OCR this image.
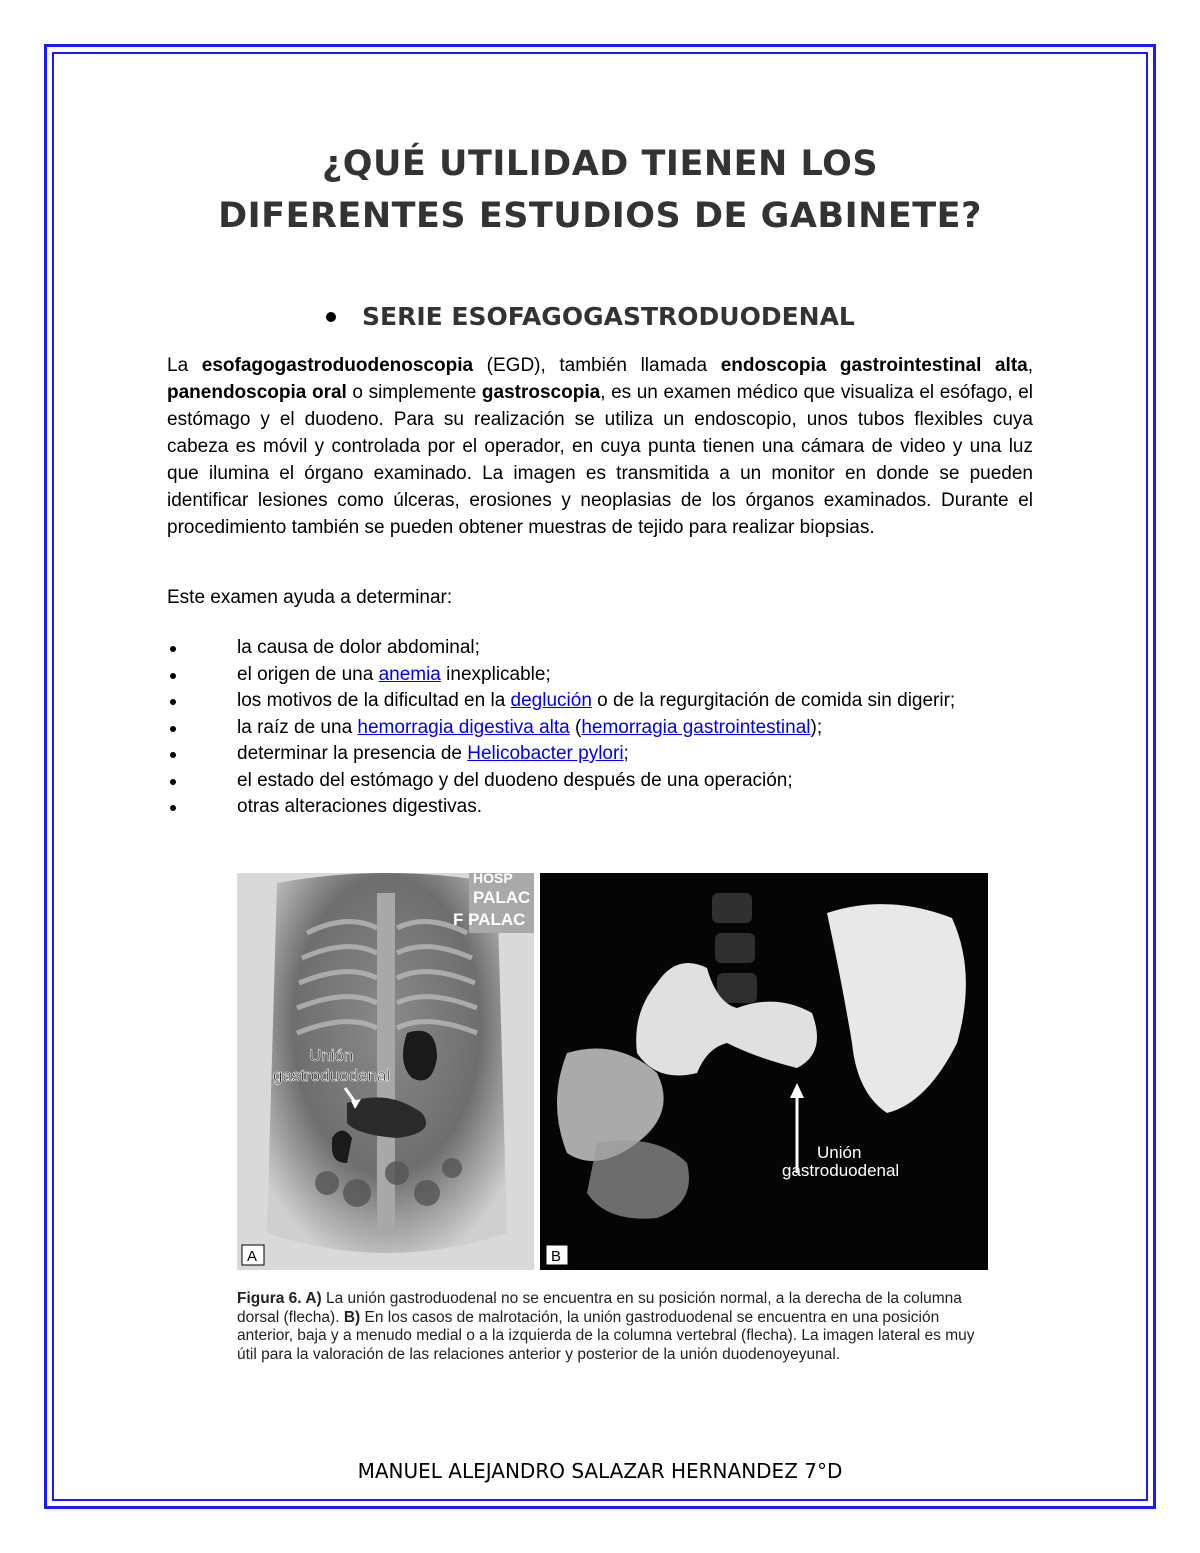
¿QUÉ UTILIDAD TIENEN LOS
DIFERENTES ESTUDIOS DE GABINETE?
SERIE ESOFAGOGASTRODUODENAL

La esofagogastroduodenoscopia (EGD), también llamada endoscopia gastrointestinal alta, panendoscopia oral o simplemente gastroscopia, es un examen médico que visualiza el esófago, el estómago y el duodeno. Para su realización se utiliza un endoscopio, unos tubos flexibles cuya cabeza es móvil y controlada por el operador, en cuya punta tienen una cámara de video y una luz que ilumina el órgano examinado. La imagen es transmitida a un monitor en donde se pueden identificar lesiones como úlceras, erosiones y neoplasias de los órganos examinados. Durante el procedimiento también se pueden obtener muestras de tejido para realizar biopsias.

Este examen ayuda a determinar:

la causa de dolor abdominal;
el origen de una anemia inexplicable;
los motivos de la dificultad en la deglución o de la regurgitación de comida sin digerir;
la raíz de una hemorragia digestiva alta (hemorragia gastrointestinal);
determinar la presencia de Helicobacter pylori;
el estado del estómago y del duodeno después de una operación;
otras alteraciones digestivas.
HOSP
PALAC
F PALAC
Unión
gastroduodenal
A
Unión
gastroduodenal
B

Figura 6. A) La unión gastroduodenal no se encuentra en su posición normal, a la derecha de la columna dorsal (flecha). B) En los casos de malrotación, la unión gastroduodenal se encuentra en una posición anterior, baja y a menudo medial o a la izquierda de la columna vertebral (flecha). La imagen lateral es muy útil para la valoración de las relaciones anterior y posterior de la unión duodenoyeyunal.

MANUEL ALEJANDRO SALAZAR HERNANDEZ 7°D
